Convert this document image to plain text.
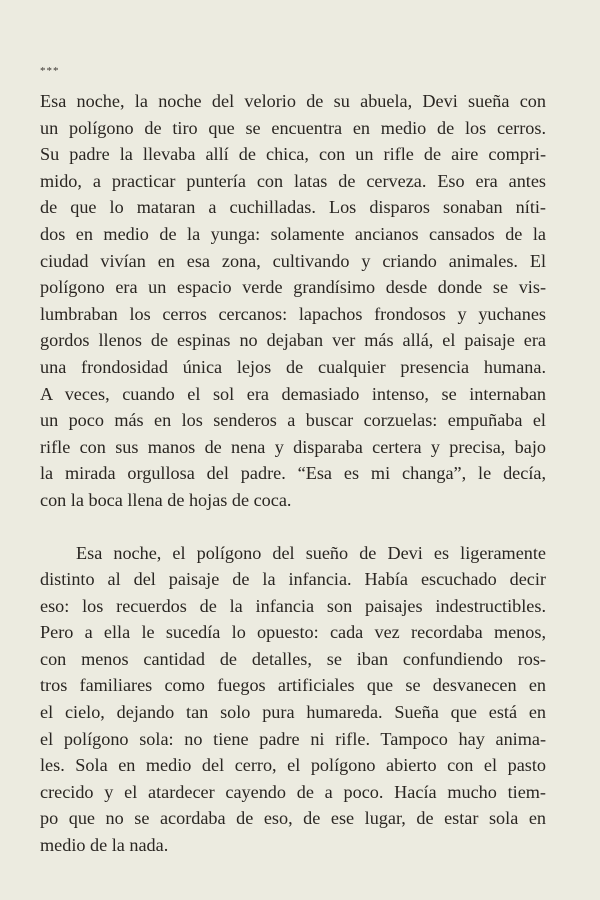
***
Esa noche, la noche del velorio de su abuela, Devi sueña con
un polígono de tiro que se encuentra en medio de los cerros.
Su padre la llevaba allí de chica, con un rifle de aire compri-
mido, a practicar puntería con latas de cerveza. Eso era antes
de que lo mataran a cuchilladas. Los disparos sonaban níti-
dos en medio de la yunga: solamente ancianos cansados de la
ciudad vivían en esa zona, cultivando y criando animales. El
polígono era un espacio verde grandísimo desde donde se vis-
lumbraban los cerros cercanos: lapachos frondosos y yuchanes
gordos llenos de espinas no dejaban ver más allá, el paisaje era
una frondosidad única lejos de cualquier presencia humana.
A veces, cuando el sol era demasiado intenso, se internaban
un poco más en los senderos a buscar corzuelas: empuñaba el
rifle con sus manos de nena y disparaba certera y precisa, bajo
la mirada orgullosa del padre. “Esa es mi changa”, le decía,
con la boca llena de hojas de coca.
Esa noche, el polígono del sueño de Devi es ligeramente
distinto al del paisaje de la infancia. Había escuchado decir
eso: los recuerdos de la infancia son paisajes indestructibles.
Pero a ella le sucedía lo opuesto: cada vez recordaba menos,
con menos cantidad de detalles, se iban confundiendo ros-
tros familiares como fuegos artificiales que se desvanecen en
el cielo, dejando tan solo pura humareda. Sueña que está en
el polígono sola: no tiene padre ni rifle. Tampoco hay anima-
les. Sola en medio del cerro, el polígono abierto con el pasto
crecido y el atardecer cayendo de a poco. Hacía mucho tiem-
po que no se acordaba de eso, de ese lugar, de estar sola en
medio de la nada.
